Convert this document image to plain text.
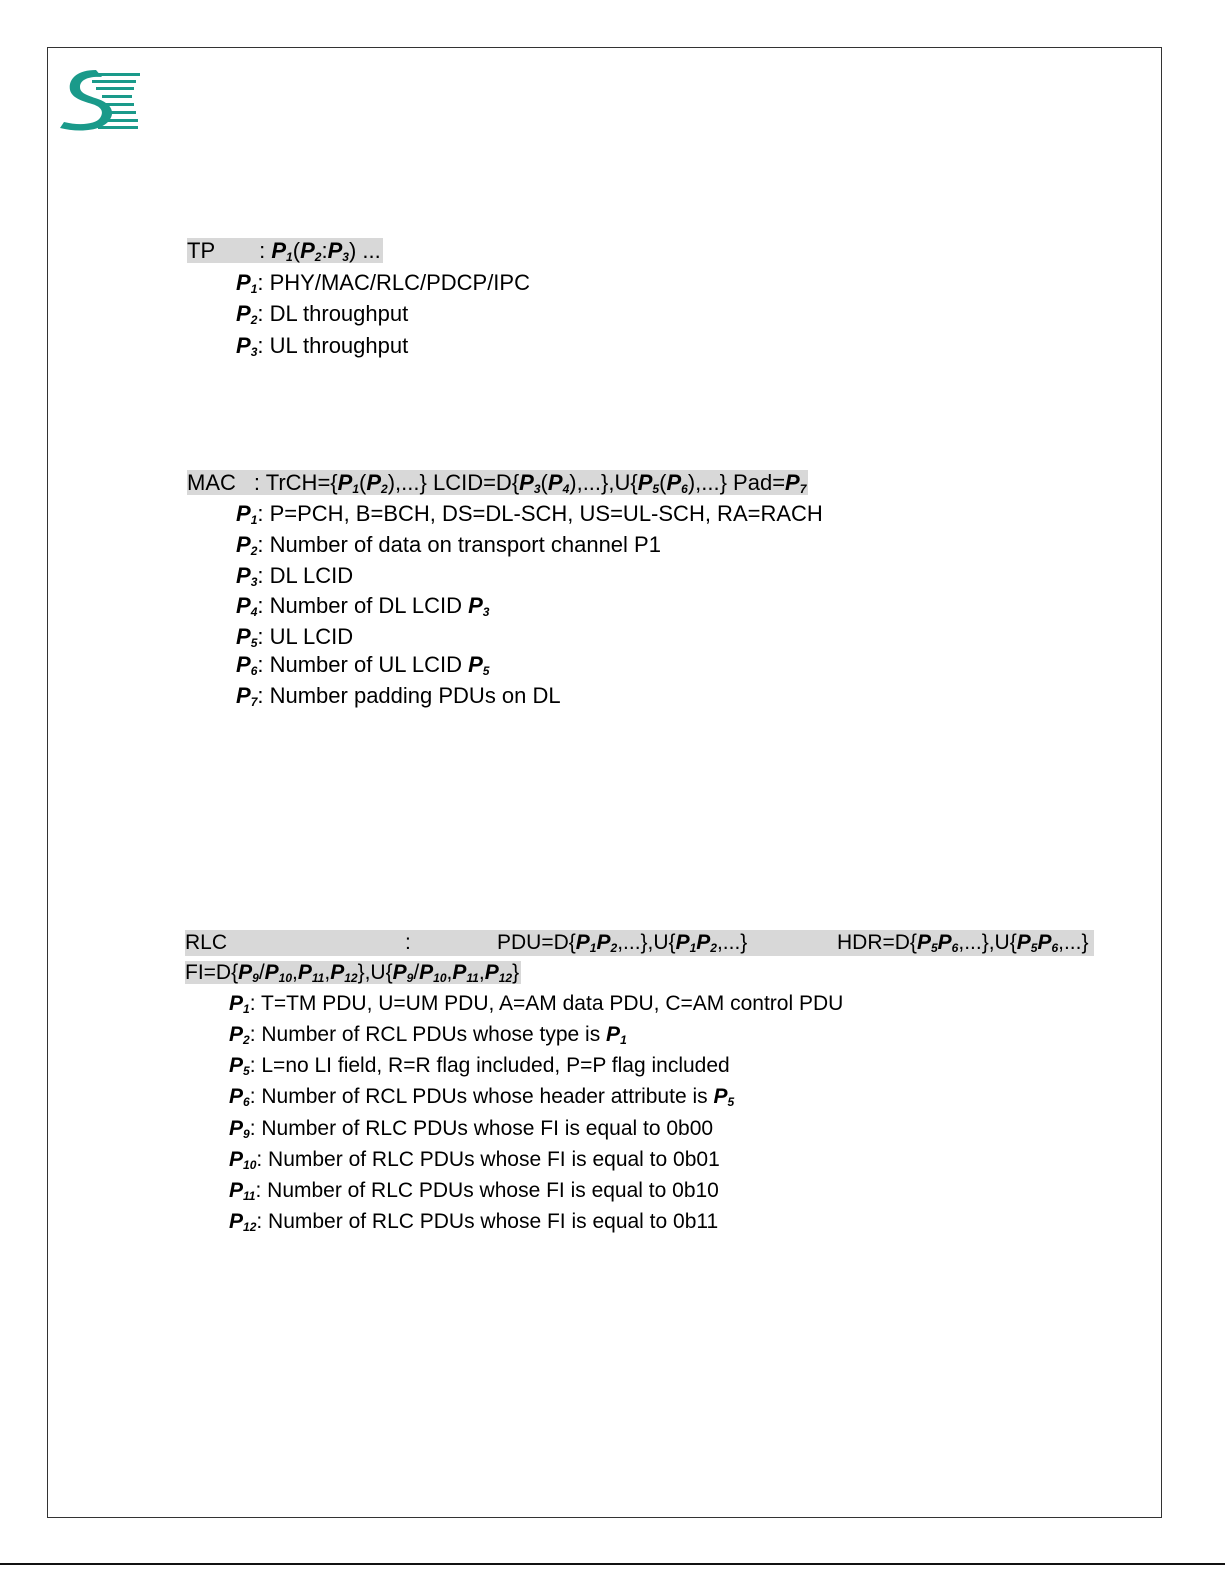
TP : $P_1(P_2:P_3)$ ...
$P_1$: PHY/MAC/RLC/PDCP/IPC
$P_2$: DL throughput
$P_3$: UL throughput
MAC : $TrCH=\{P_1(P_2),...\}$ $LCID=D\{P_3(P_4),...\},U\{P_5(P_6),...\}$ $Pad=P_7$
$P_1$: P=PCH, B=BCH, DS=DL-SCH, US=UL-SCH, RA=RACH
$P_2$: Number of data on transport channel P1
$P_3$: DL LCID
$P_4$: Number of DL LCID $P_3$
$P_5$: UL LCID
$P_6$: Number of UL LCID $P_5$
$P_7$: Number padding PDUs on DL
RLC	:	$PDU=D\{P_1P_2,...\},U\{P_1P_2,...\}$	$HDR=D\{P_5P_6,...\},U\{P_5P_6,...\}$
$FI=D\{P_9/P_{10},P_{11},P_{12}\},U\{P_9/P_{10},P_{11},P_{12}\}$
$P_1$: T=TM PDU, U=UM PDU, A=AM data PDU, C=AM control PDU
$P_2$: Number of RCL PDUs whose type is $P_1$
$P_5$: L=no LI field, R=R flag included, P=P flag included
$P_6$: Number of RCL PDUs whose header attribute is $P_5$
$P_9$: Number of RLC PDUs whose FI is equal to 0b00
$P_{10}$: Number of RLC PDUs whose FI is equal to 0b01
$P_{11}$: Number of RLC PDUs whose FI is equal to 0b10
$P_{12}$: Number of RLC PDUs whose FI is equal to 0b11
